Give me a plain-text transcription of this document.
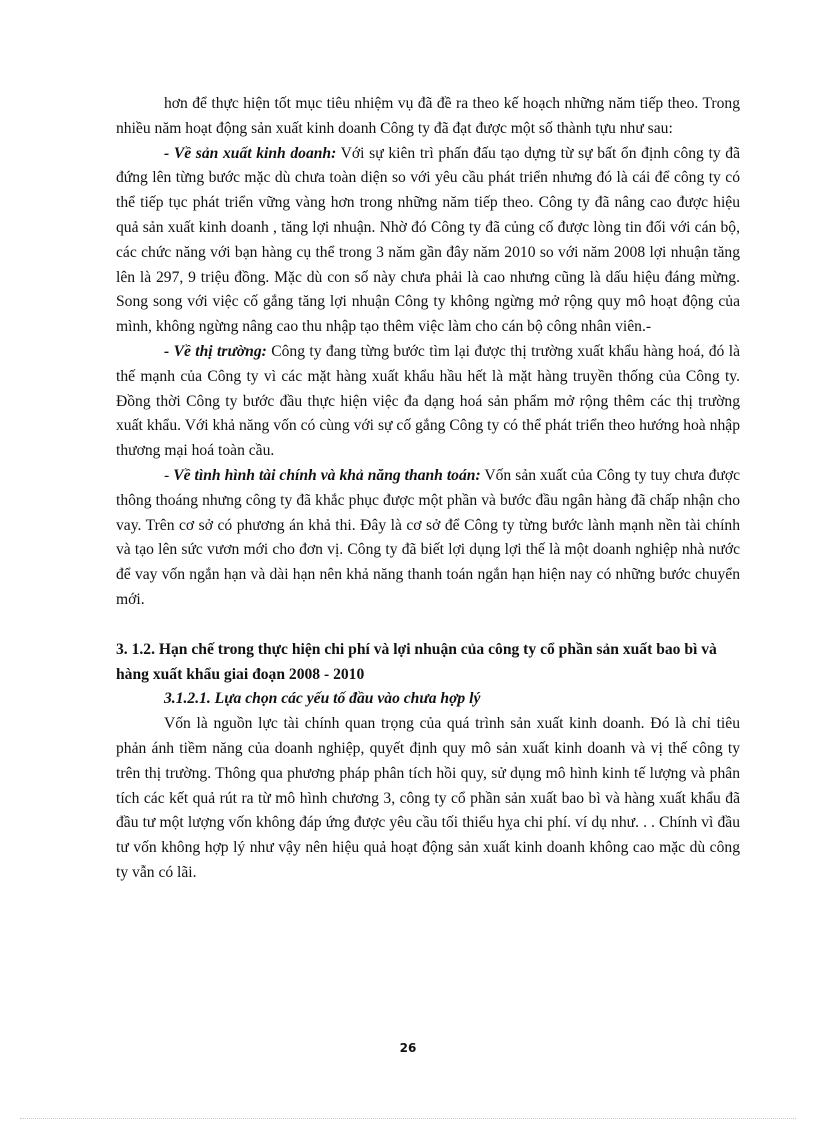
hơn để thực hiện tốt mục tiêu nhiệm vụ đã đề ra theo kế hoạch những năm tiếp theo. Trong nhiều năm hoạt động sản xuất kinh doanh Công ty đã đạt được một số thành tựu như sau:

- Về sản xuất kinh doanh: Với sự kiên trì phấn đấu tạo dựng từ sự bất ổn định công ty đã đứng lên từng bước mặc dù chưa toàn diện so với yêu cầu phát triển nhưng đó là cái để công ty có thể tiếp tục phát triển vững vàng hơn trong những năm tiếp theo. Công ty đã nâng cao được hiệu quả sản xuất kinh doanh , tăng lợi nhuận. Nhờ đó Công ty đã củng cố được lòng tin đối với cán bộ, các chức năng với bạn hàng cụ thể trong 3 năm gần đây năm 2010 so với năm 2008 lợi nhuận tăng lên là 297, 9 triệu đồng. Mặc dù con số này chưa phải là cao nhưng cũng là dấu hiệu đáng mừng. Song song với việc cố gắng tăng lợi nhuận Công ty không ngừng mở rộng quy mô hoạt động của mình, không ngừng nâng cao thu nhập tạo thêm việc làm cho cán bộ công nhân viên.-

- Về thị trường: Công ty đang từng bước tìm lại được thị trường xuất khẩu hàng hoá, đó là thế mạnh của Công ty vì các mặt hàng xuất khẩu hầu hết là mặt hàng truyền thống của Công ty. Đồng thời Công ty bước đầu thực hiện việc đa dạng hoá sản phẩm mở rộng thêm các thị trường xuất khẩu. Với khả năng vốn có cùng với sự cố gắng Công ty có thể phát triển theo hướng hoà nhập thương mại hoá toàn cầu.

- Về tình hình tài chính và khả năng thanh toán: Vốn sản xuất của Công ty tuy chưa được thông thoáng nhưng công ty đã khắc phục được một phần và bước đầu ngân hàng đã chấp nhận cho vay. Trên cơ sở có phương án khả thi. Đây là cơ sở để Công ty từng bước lành mạnh nền tài chính và tạo lên sức vươn mới cho đơn vị. Công ty đã biết lợi dụng lợi thế là một doanh nghiệp nhà nước để vay vốn ngắn hạn và dài hạn nên khả năng thanh toán ngắn hạn hiện nay có những bước chuyển mới.

3. 1.2. Hạn chế trong thực hiện chi phí và lợi nhuận của công ty cổ phần sản xuất bao bì và hàng xuất khẩu giai đoạn 2008 - 2010

3.1.2.1. Lựa chọn các yếu tố đầu vào chưa hợp lý

Vốn là nguồn lực tài chính quan trọng của quá trình sản xuất kinh doanh. Đó là chỉ tiêu phản ánh tiềm năng của doanh nghiệp, quyết định quy mô sản xuất kinh doanh và vị thế công ty trên thị trường. Thông qua phương pháp phân tích hồi quy, sử dụng mô hình kinh tế lượng và phân tích các kết quả rút ra từ mô hình chương 3, công ty cổ phần sản xuất bao bì và hàng xuất khẩu đã đầu tư một lượng vốn không đáp ứng được yêu cầu tối thiểu hỵa chi phí. ví dụ như. . . Chính vì đầu tư vốn không hợp lý như vậy nên hiệu quả hoạt động sản xuất kinh doanh không cao mặc dù công ty vẫn có lãi.

26
